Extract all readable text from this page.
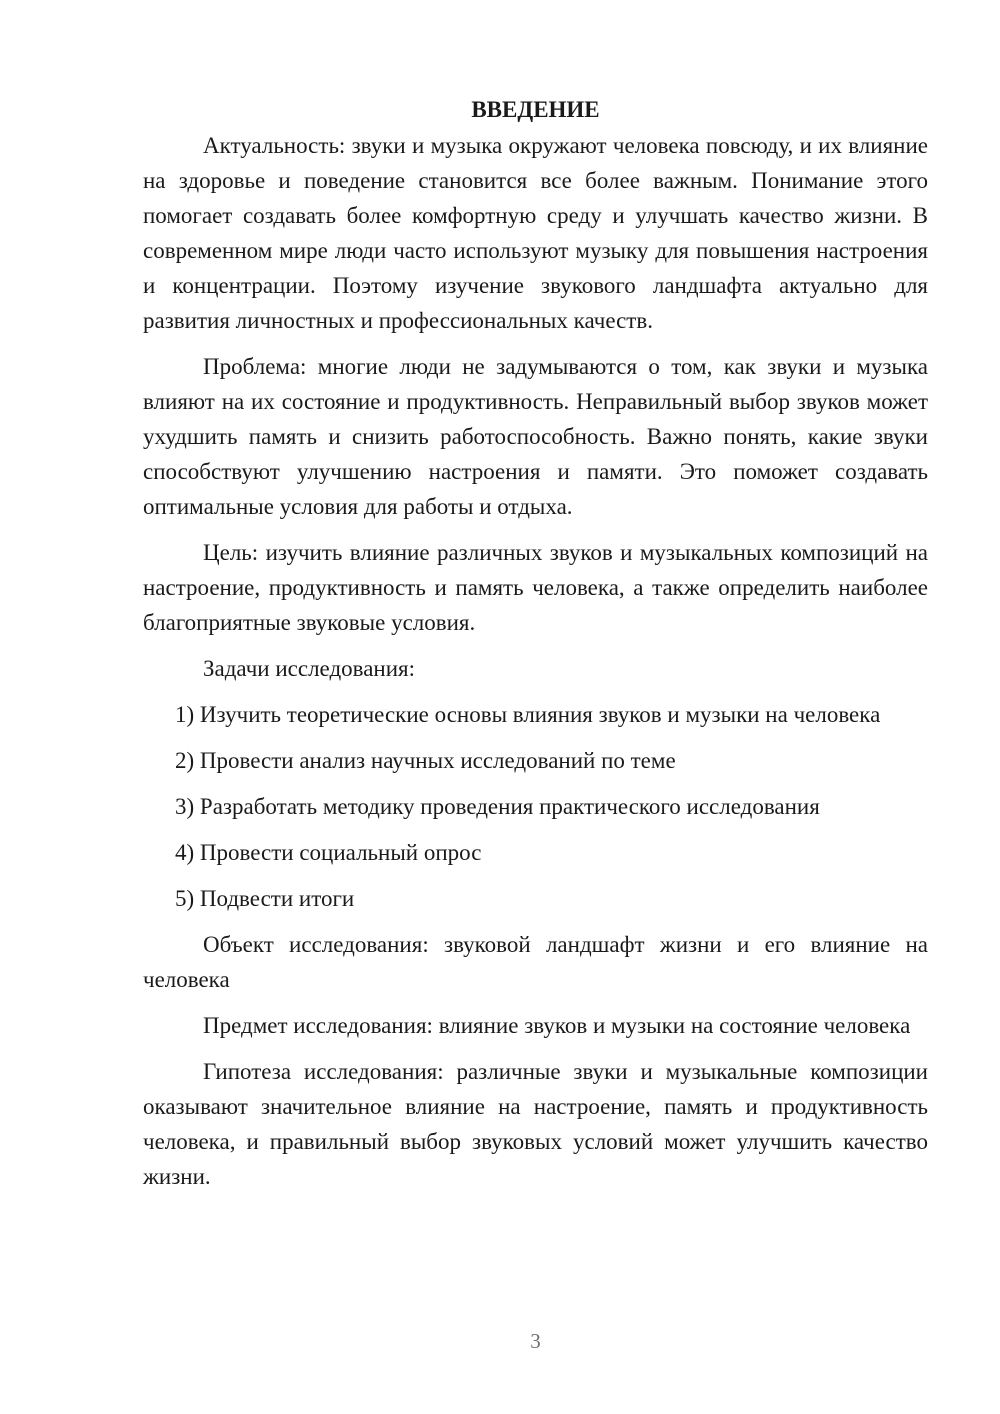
ВВЕДЕНИЕ

Актуальность: звуки и музыка окружают человека повсюду, и их влияние на здоровье и поведение становится все более важным. Понимание этого помогает создавать более комфортную среду и улучшать качество жизни. В современном мире люди часто используют музыку для повышения настроения и концентрации. Поэтому изучение звукового ландшафта актуально для развития личностных и профессиональных качеств.

Проблема: многие люди не задумываются о том, как звуки и музыка влияют на их состояние и продуктивность. Неправильный выбор звуков может ухудшить память и снизить работоспособность. Важно понять, какие звуки способствуют улучшению настроения и памяти. Это поможет создавать оптимальные условия для работы и отдыха.

Цель: изучить влияние различных звуков и музыкальных композиций на настроение, продуктивность и память человека, а также определить наиболее благоприятные звуковые условия.

Задачи исследования:

1) Изучить теоретические основы влияния звуков и музыки на человека

2) Провести анализ научных исследований по теме

3) Разработать методику проведения практического исследования

4) Провести социальный опрос

5) Подвести итоги

Объект исследования: звуковой ландшафт жизни и его влияние на человека

Предмет исследования: влияние звуков и музыки на состояние человека

Гипотеза исследования: различные звуки и музыкальные композиции оказывают значительное влияние на настроение, память и продуктивность человека, и правильный выбор звуковых условий может улучшить качество жизни.

3
